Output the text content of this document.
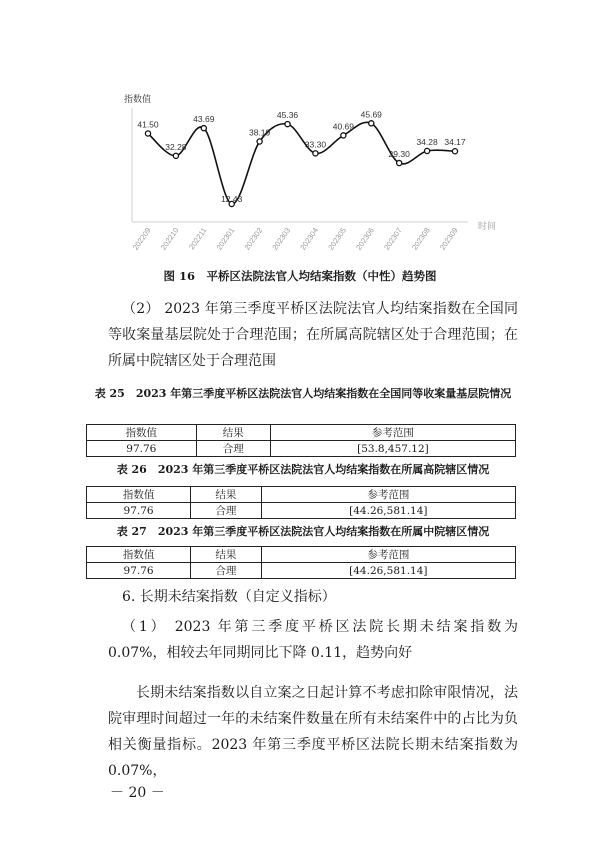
指数值
时间
41.50
202209
32.28
202210
43.69
202211
12.43
202301
38.19
202302
45.36
202303
33.30
202304
40.69
202305
45.69
202306
29.30
202307
34.28
202308
34.17
202309
图 16　平桥区法院法官人均结案指数（中性）趋势图

（2） 2023 年第三季度平桥区法院法官人均结案指数在全国同等收案量基层院处于合理范围；在所属高院辖区处于合理范围；在所属中院辖区处于合理范围

表 25　2023 年第三季度平桥区法院法官人均结案指数在全国同等收案量基层院情况
指数值	结果	参考范围
97.76	合理	[53.8,457.12]
表 26　2023 年第三季度平桥区法院法官人均结案指数在所属高院辖区情况
指数值	结果	参考范围
97.76	合理	[44.26,581.14]
表 27　2023 年第三季度平桥区法院法官人均结案指数在所属中院辖区情况
指数值	结果	参考范围
97.76	合理	[44.26,581.14]
6. 长期未结案指数（自定义指标）

（1） 2023 年第三季度平桥区法院长期未结案指数为 0.07%，相较去年同期同比下降 0.11，趋势向好

长期未结案指数以自立案之日起计算不考虑扣除审限情况，法院审理时间超过一年的未结案件数量在所有未结案件中的占比为负相关衡量指标。2023 年第三季度平桥区法院长期未结案指数为 0.07%，

－ 20 －
